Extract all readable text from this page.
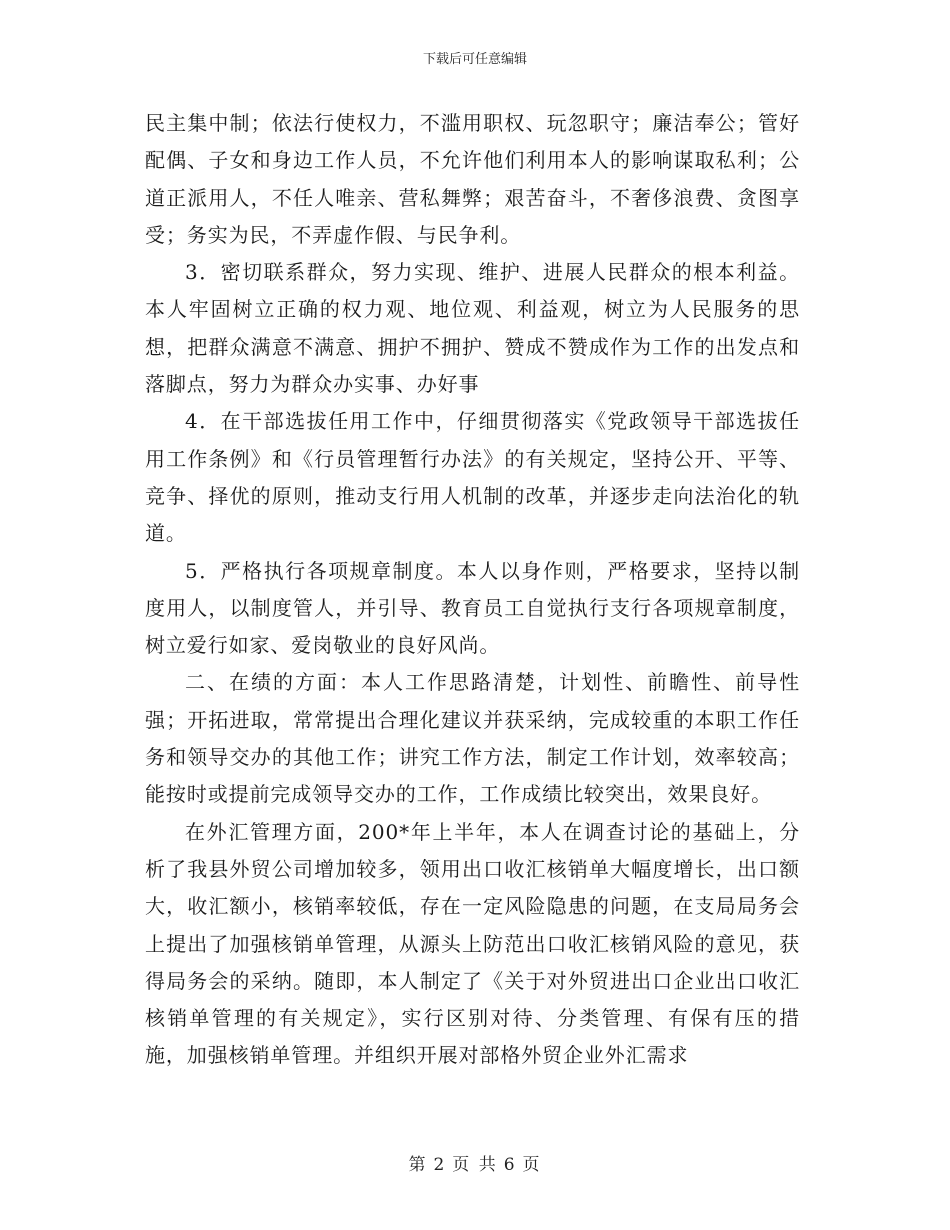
下载后可任意编辑

民主集中制；依法行使权力，不滥用职权、玩忽职守；廉洁奉公；管好配偶、子女和身边工作人员，不允许他们利用本人的影响谋取私利；公道正派用人，不任人唯亲、营私舞弊；艰苦奋斗，不奢侈浪费、贪图享受；务实为民，不弄虚作假、与民争利。

3．密切联系群众，努力实现、维护、进展人民群众的根本利益。本人牢固树立正确的权力观、地位观、利益观，树立为人民服务的思想，把群众满意不满意、拥护不拥护、赞成不赞成作为工作的出发点和落脚点，努力为群众办实事、办好事

4．在干部选拔任用工作中，仔细贯彻落实《党政领导干部选拔任用工作条例》和《行员管理暂行办法》的有关规定，坚持公开、平等、竞争、择优的原则，推动支行用人机制的改革，并逐步走向法治化的轨道。

5．严格执行各项规章制度。本人以身作则，严格要求，坚持以制度用人，以制度管人，并引导、教育员工自觉执行支行各项规章制度，树立爱行如家、爱岗敬业的良好风尚。

二、在绩的方面：本人工作思路清楚，计划性、前瞻性、前导性强；开拓进取，常常提出合理化建议并获采纳，完成较重的本职工作任务和领导交办的其他工作；讲究工作方法，制定工作计划，效率较高；能按时或提前完成领导交办的工作，工作成绩比较突出，效果良好。

在外汇管理方面，200*年上半年，本人在调查讨论的基础上，分析了我县外贸公司增加较多，领用出口收汇核销单大幅度增长，出口额大，收汇额小，核销率较低，存在一定风险隐患的问题，在支局局务会上提出了加强核销单管理，从源头上防范出口收汇核销风险的意见，获得局务会的采纳。随即，本人制定了《关于对外贸进出口企业出口收汇核销单管理的有关规定》，实行区别对待、分类管理、有保有压的措施，加强核销单管理。并组织开展对部格外贸企业外汇需求

第 2 页 共 6 页
